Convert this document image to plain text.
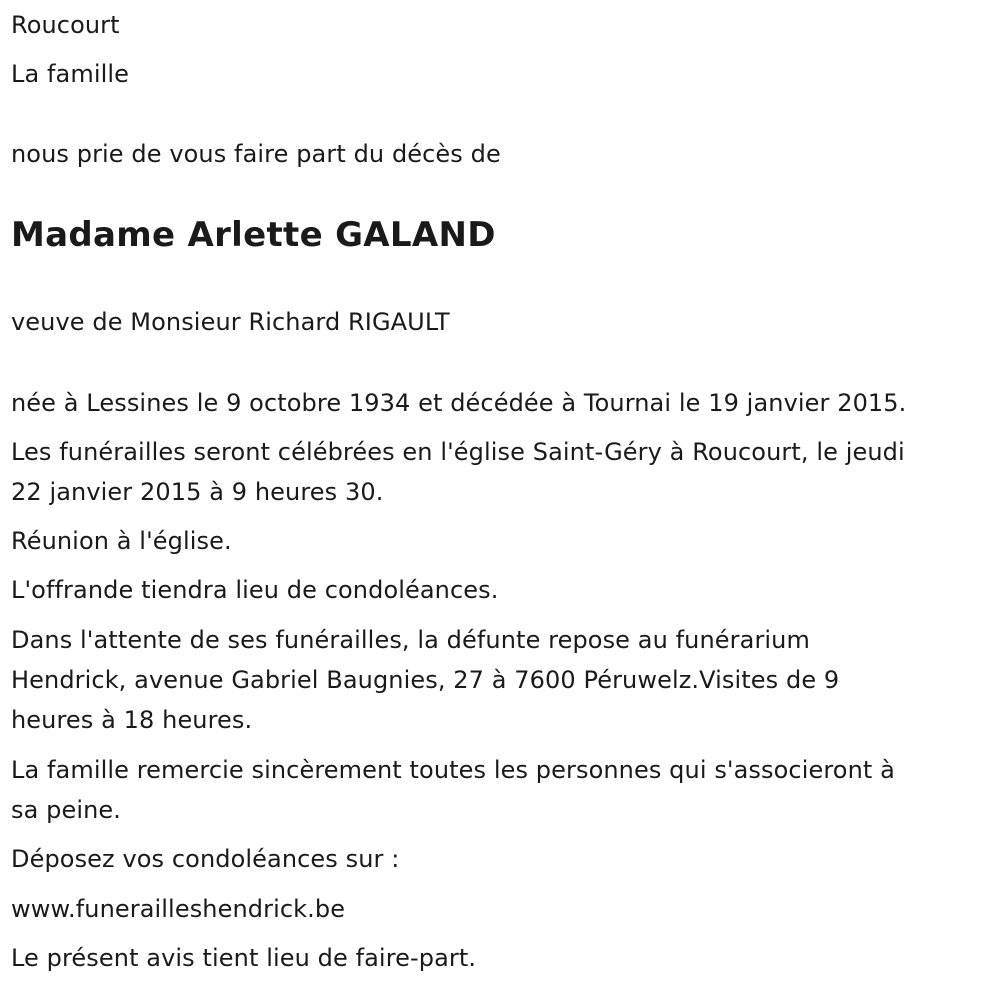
Roucourt
La famille
nous prie de vous faire part du décès de
Madame Arlette GALAND
veuve de Monsieur Richard RIGAULT
née à Lessines le 9 octobre 1934 et décédée à Tournai le 19 janvier 2015.
Les funérailles seront célébrées en l'église Saint-Géry à Roucourt, le jeudi
22 janvier 2015 à 9 heures 30.
Réunion à l'église.
L'offrande tiendra lieu de condoléances.
Dans l'attente de ses funérailles, la défunte repose au funérarium
Hendrick, avenue Gabriel Baugnies, 27 à 7600 Péruwelz.Visites de 9
heures à 18 heures.
La famille remercie sincèrement toutes les personnes qui s'associeront à
sa peine.
Déposez vos condoléances sur :
www.funerailleshendrick.be
Le présent avis tient lieu de faire-part.
